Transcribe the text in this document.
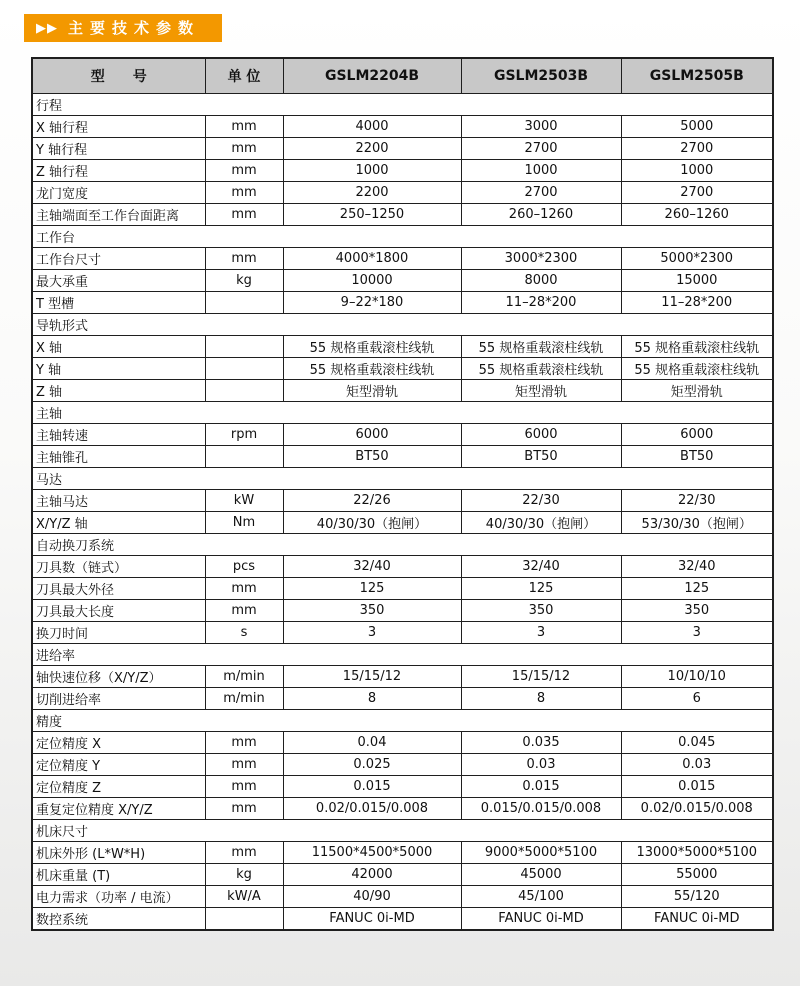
▶▶ 主要技术参数
型　　号	单 位	GSLM2204B	GSLM2503B	GSLM2505B
行程				
X 轴行程	mm	4000	3000	5000
Y 轴行程	mm	2200	2700	2700
Z 轴行程	mm	1000	1000	1000
龙门宽度	mm	2200	2700	2700
主轴端面至工作台面距离	mm	250–1250	260–1260	260–1260
工作台				
工作台尺寸	mm	4000*1800	3000*2300	5000*2300
最大承重	kg	10000	8000	15000
T 型槽		9–22*180	11–28*200	11–28*200
导轨形式				
X 轴		55 规格重载滚柱线轨	55 规格重载滚柱线轨	55 规格重载滚柱线轨
Y 轴		55 规格重载滚柱线轨	55 规格重载滚柱线轨	55 规格重载滚柱线轨
Z 轴		矩型滑轨	矩型滑轨	矩型滑轨
主轴				
主轴转速	rpm	6000	6000	6000
主轴锥孔		BT50	BT50	BT50
马达				
主轴马达	kW	22/26	22/30	22/30
X/Y/Z 轴	Nm	40/30/30（抱闸）	40/30/30（抱闸）	53/30/30（抱闸）
自动换刀系统				
刀具数（链式）	pcs	32/40	32/40	32/40
刀具最大外径	mm	125	125	125
刀具最大长度	mm	350	350	350
换刀时间	s	3	3	3
进给率				
轴快速位移（X/Y/Z）	m/min	15/15/12	15/15/12	10/10/10
切削进给率	m/min	8	8	6
精度				
定位精度 X	mm	0.04	0.035	0.045
定位精度 Y	mm	0.025	0.03	0.03
定位精度 Z	mm	0.015	0.015	0.015
重复定位精度 X/Y/Z	mm	0.02/0.015/0.008	0.015/0.015/0.008	0.02/0.015/0.008
机床尺寸				
机床外形 (L*W*H)	mm	11500*4500*5000	9000*5000*5100	13000*5000*5100
机床重量 (T)	kg	42000	45000	55000
电力需求（功率 / 电流）	kW/A	40/90	45/100	55/120
数控系统		FANUC 0i-MD	FANUC 0i-MD	FANUC 0i-MD
